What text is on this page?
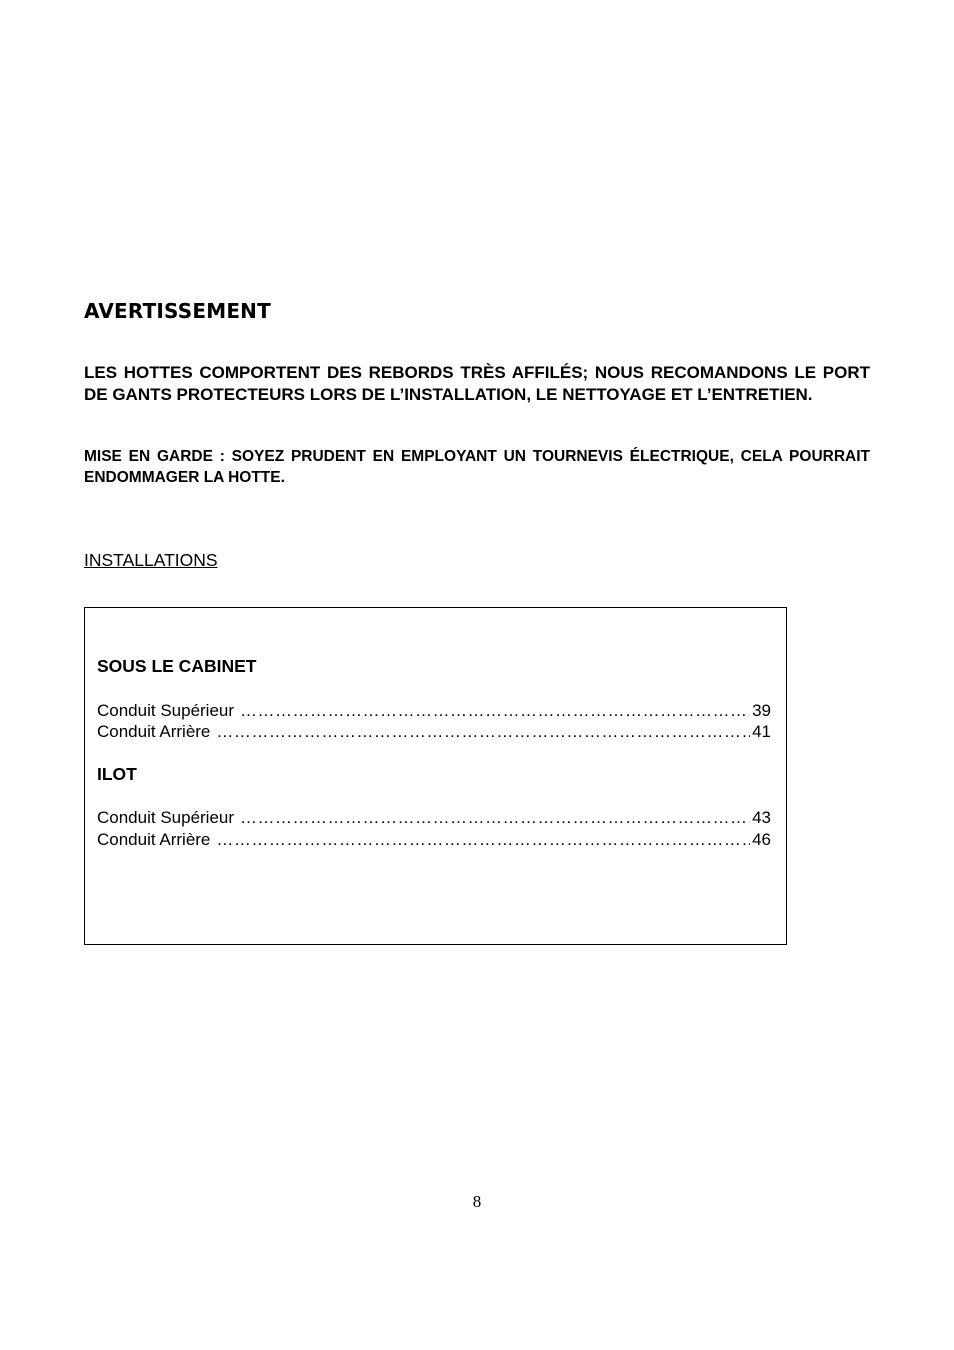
AVERTISSEMENT

LES HOTTES COMPORTENT DES REBORDS TRÈS AFFILÉS; NOUS RECOMANDONS LE PORT DE GANTS PROTECTEURS LORS DE L’INSTALLATION, LE NETTOYAGE ET L’ENTRETIEN.

MISE EN GARDE : SOYEZ PRUDENT EN EMPLOYANT UN TOURNEVIS ÉLECTRIQUE, CELA POURRAIT ENDOMMAGER LA HOTTE.

INSTALLATIONS

SOUS LE CABINET

Conduit Supérieur ……………………………………………………………………………………………………………………………………………………………………………………	39
Conduit Arrière ……………………………………………………………………………………………………………………………………………………………………………………	41

ILOT

Conduit Supérieur ……………………………………………………………………………………………………………………………………………………………………………………	43
Conduit Arrière ……………………………………………………………………………………………………………………………………………………………………………………	46

8
